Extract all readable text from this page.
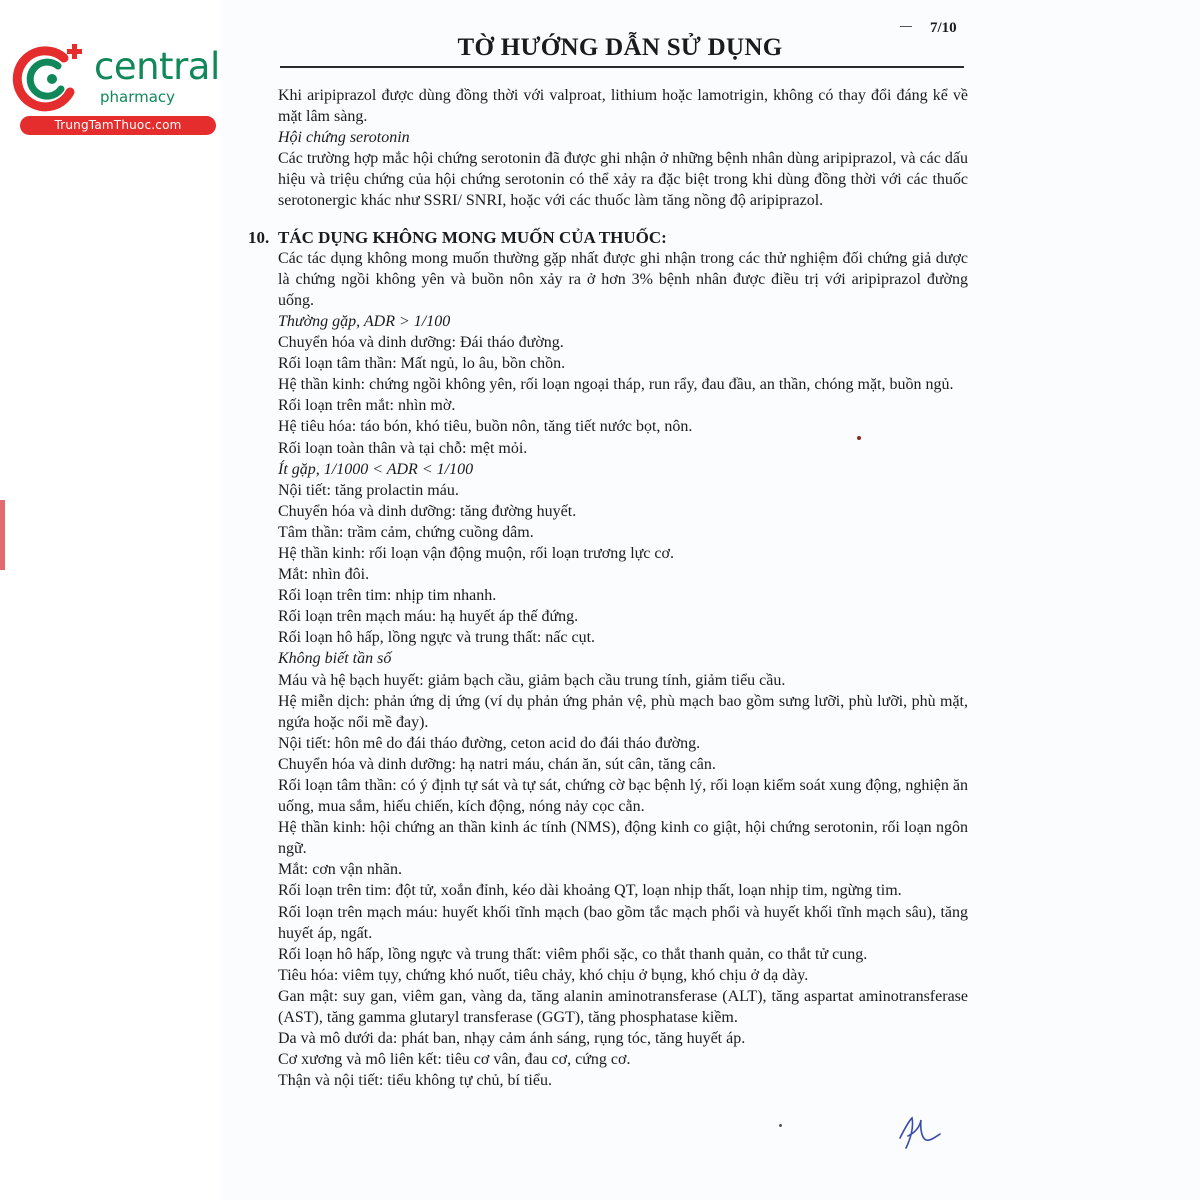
central
pharmacy
TrungTamThuoc.com
7/10
TỜ HƯỚNG DẪN SỬ DỤNG

Khi aripiprazol được dùng đồng thời với valproat, lithium hoặc lamotrigin, không có thay đổi đáng kể về mặt lâm sàng.

Hội chứng serotonin

Các trường hợp mắc hội chứng serotonin đã được ghi nhận ở những bệnh nhân dùng aripiprazol, và các dấu hiệu và triệu chứng của hội chứng serotonin có thể xảy ra đặc biệt trong khi dùng đồng thời với các thuốc serotonergic khác như SSRI/ SNRI, hoặc với các thuốc làm tăng nồng độ aripiprazol.

10. TÁC DỤNG KHÔNG MONG MUỐN CỦA THUỐC:

Các tác dụng không mong muốn thường gặp nhất được ghi nhận trong các thử nghiệm đối chứng giả dược là chứng ngồi không yên và buồn nôn xảy ra ở hơn 3% bệnh nhân được điều trị với aripiprazol đường uống.

Thường gặp, ADR > 1/100

Chuyển hóa và dinh dưỡng: Đái tháo đường.

Rối loạn tâm thần: Mất ngủ, lo âu, bồn chồn.

Hệ thần kinh: chứng ngồi không yên, rối loạn ngoại tháp, run rẩy, đau đầu, an thần, chóng mặt, buồn ngủ.

Rối loạn trên mắt: nhìn mờ.

Hệ tiêu hóa: táo bón, khó tiêu, buồn nôn, tăng tiết nước bọt, nôn.

Rối loạn toàn thân và tại chỗ: mệt mỏi.

Ít gặp, 1/1000 < ADR < 1/100

Nội tiết: tăng prolactin máu.

Chuyển hóa và dinh dưỡng: tăng đường huyết.

Tâm thần: trầm cảm, chứng cuồng dâm.

Hệ thần kinh: rối loạn vận động muộn, rối loạn trương lực cơ.

Mắt: nhìn đôi.

Rối loạn trên tim: nhịp tim nhanh.

Rối loạn trên mạch máu: hạ huyết áp thế đứng.

Rối loạn hô hấp, lồng ngực và trung thất: nấc cụt.

Không biết tần số

Máu và hệ bạch huyết: giảm bạch cầu, giảm bạch cầu trung tính, giảm tiểu cầu.

Hệ miễn dịch: phản ứng dị ứng (ví dụ phản ứng phản vệ, phù mạch bao gồm sưng lưỡi, phù lưỡi, phù mặt, ngứa hoặc nổi mề đay).

Nội tiết: hôn mê do đái tháo đường, ceton acid do đái tháo đường.

Chuyển hóa và dinh dưỡng: hạ natri máu, chán ăn, sút cân, tăng cân.

Rối loạn tâm thần: có ý định tự sát và tự sát, chứng cờ bạc bệnh lý, rối loạn kiểm soát xung động, nghiện ăn uống, mua sắm, hiếu chiến, kích động, nóng nảy cọc cằn.

Hệ thần kinh: hội chứng an thần kinh ác tính (NMS), động kinh co giật, hội chứng serotonin, rối loạn ngôn ngữ.

Mắt: cơn vận nhãn.

Rối loạn trên tim: đột tử, xoắn đỉnh, kéo dài khoảng QT, loạn nhịp thất, loạn nhịp tim, ngừng tim.

Rối loạn trên mạch máu: huyết khối tĩnh mạch (bao gồm tắc mạch phổi và huyết khối tĩnh mạch sâu), tăng huyết áp, ngất.

Rối loạn hô hấp, lồng ngực và trung thất: viêm phổi sặc, co thắt thanh quản, co thắt tử cung.

Tiêu hóa: viêm tụy, chứng khó nuốt, tiêu chảy, khó chịu ở bụng, khó chịu ở dạ dày.

Gan mật: suy gan, viêm gan, vàng da, tăng alanin aminotransferase (ALT), tăng aspartat aminotransferase (AST), tăng gamma glutaryl transferase (GGT), tăng phosphatase kiềm.

Da và mô dưới da: phát ban, nhạy cảm ánh sáng, rụng tóc, tăng huyết áp.

Cơ xương và mô liên kết: tiêu cơ vân, đau cơ, cứng cơ.

Thận và nội tiết: tiểu không tự chủ, bí tiểu.
